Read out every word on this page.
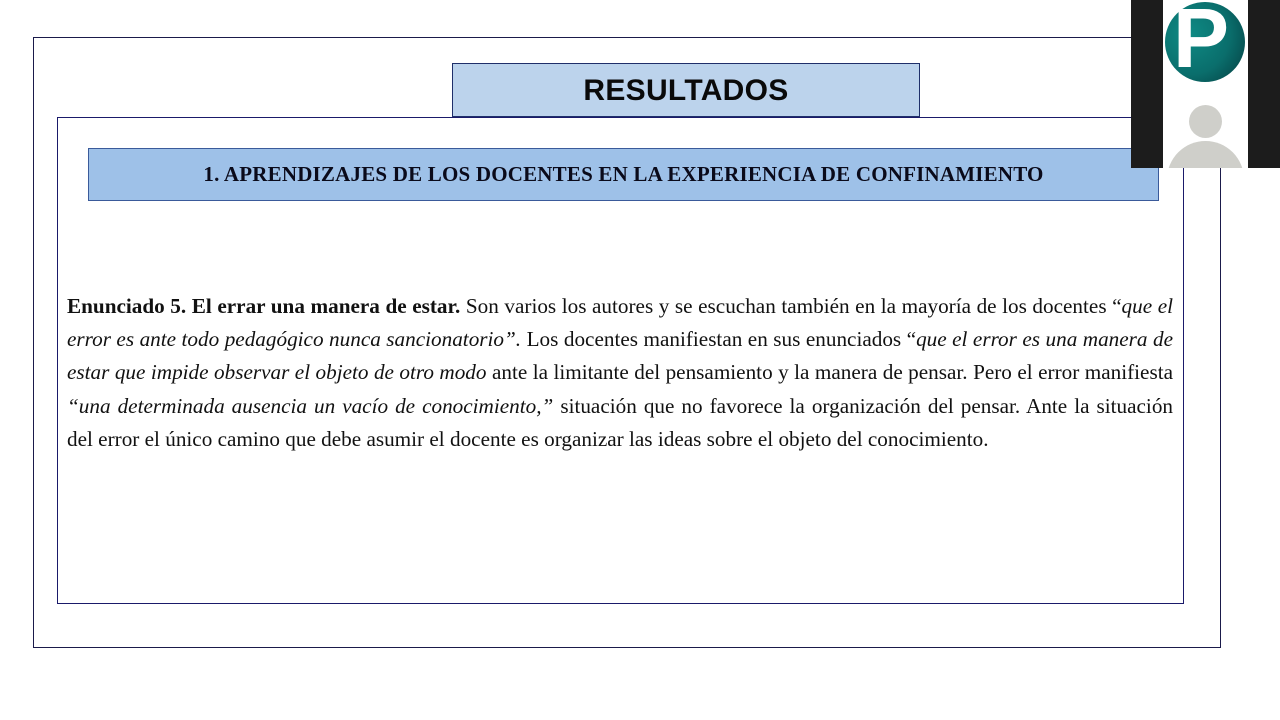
RESULTADOS
1. APRENDIZAJES DE LOS DOCENTES EN LA EXPERIENCIA DE CONFINAMIENTO
Enunciado 5. El errar una manera de estar. Son varios los autores y se escuchan también en la mayoría de los docentes “que el error es ante todo pedagógico nunca sancionatorio”. Los docentes manifiestan en sus enunciados “que el error es una manera de estar que impide observar el objeto de otro modo ante la limitante del pensamiento y la manera de pensar. Pero el error manifiesta “una determinada ausencia un vacío de conocimiento,” situación que no favorece la organización del pensar. Ante la situación del error el único camino que debe asumir el docente es organizar las ideas sobre el objeto del conocimiento.
P
